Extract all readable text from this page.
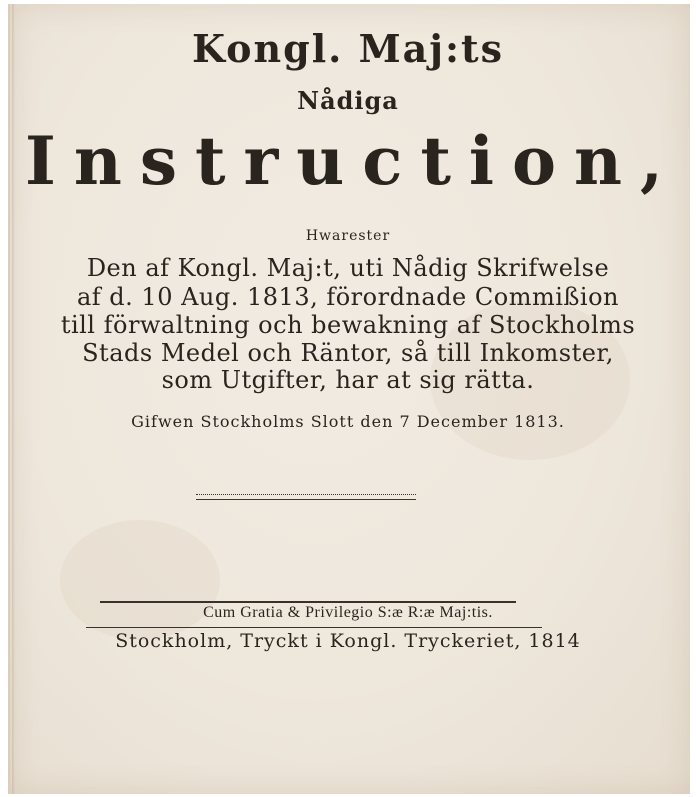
Kongl. Maj:ts

Nådiga

Instruction,

Hwarester

Den af Kongl. Maj:t, uti Nådig Skrifwelse

af d. 10 Aug. 1813, förordnade Commißion

till förwaltning och bewakning af Stockholms

Stads Medel och Räntor, så till Inkomster,

som Utgifter, har at sig rätta.

Gifwen Stockholms Slott den 7 December 1813.

Cum Gratia & Privilegio S:æ R:æ Maj:tis.

Stockholm, Tryckt i Kongl. Tryckeriet, 1814
